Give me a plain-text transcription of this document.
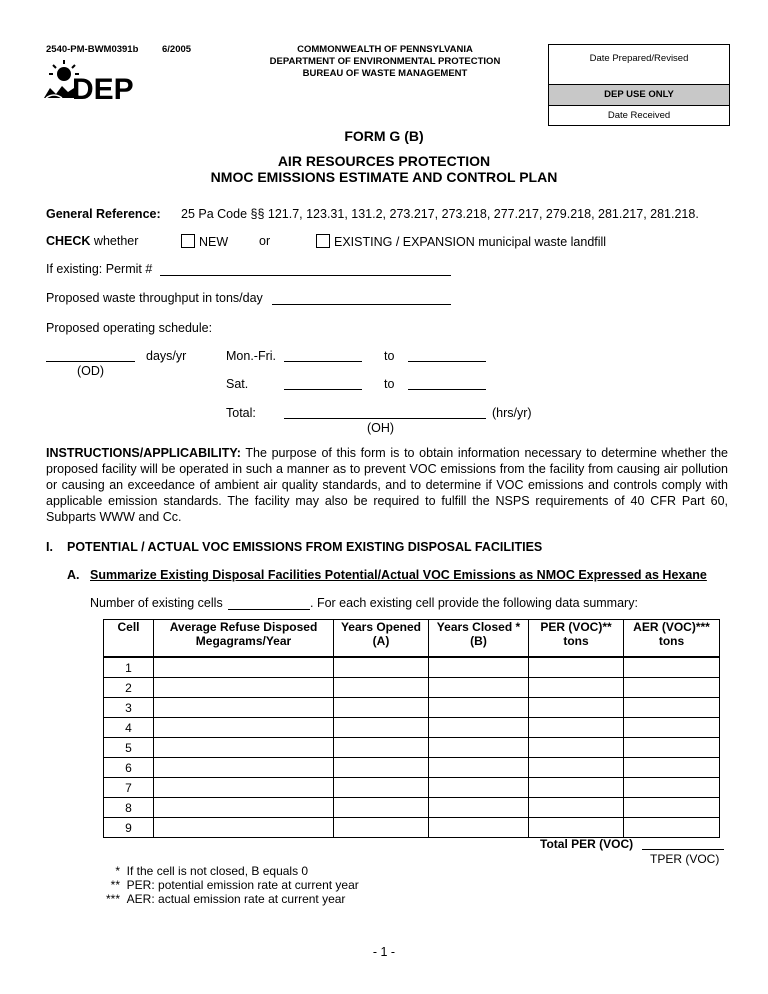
2540-PM-BWM0391b 6/2005
DEP
COMMONWEALTH OF PENNSYLVANIA
DEPARTMENT OF ENVIRONMENTAL PROTECTION
BUREAU OF WASTE MANAGEMENT
Date Prepared/Revised
DEP USE ONLY
Date Received
FORM G (B)
AIR RESOURCES PROTECTION
NMOC EMISSIONS ESTIMATE AND CONTROL PLAN
General Reference: 25 Pa Code §§ 121.7, 123.31, 131.2, 273.217, 273.218, 277.217, 279.218, 281.217, 281.218.
CHECK whether	NEW or	EXISTING / EXPANSION municipal waste landfill
If existing: Permit #
Proposed waste throughput in tons/day
Proposed operating schedule:
days/yr
(OD)
Mon.-Fri.	to
Sat.	to
Total:	(hrs/yr)
(OH)
INSTRUCTIONS/APPLICABILITY: The purpose of this form is to obtain information necessary to determine whether the proposed facility will be operated in such a manner as to prevent VOC emissions from the facility from causing air pollution or causing an exceedance of ambient air quality standards, and to determine if VOC emissions and controls comply with applicable emission standards. The facility may also be required to fulfill the NSPS requirements of 40 CFR Part 60, Subparts WWW and Cc.
I. POTENTIAL / ACTUAL VOC EMISSIONS FROM EXISTING DISPOSAL FACILITIES
A. Summarize Existing Disposal Facilities Potential/Actual VOC Emissions as NMOC Expressed as Hexane
Number of existing cells	. For each existing cell provide the following data summary:
Cell	Average Refuse Disposed Megagrams/Year	Years Opened (A)	Years Closed * (B)	PER (VOC)** tons	AER (VOC)*** tons
1					
2					
3					
4					
5					
6					
7					
8					
9					
Total PER (VOC)
TPER (VOC)
* If the cell is not closed, B equals 0
** PER: potential emission rate at current year
*** AER: actual emission rate at current year
- 1 -
